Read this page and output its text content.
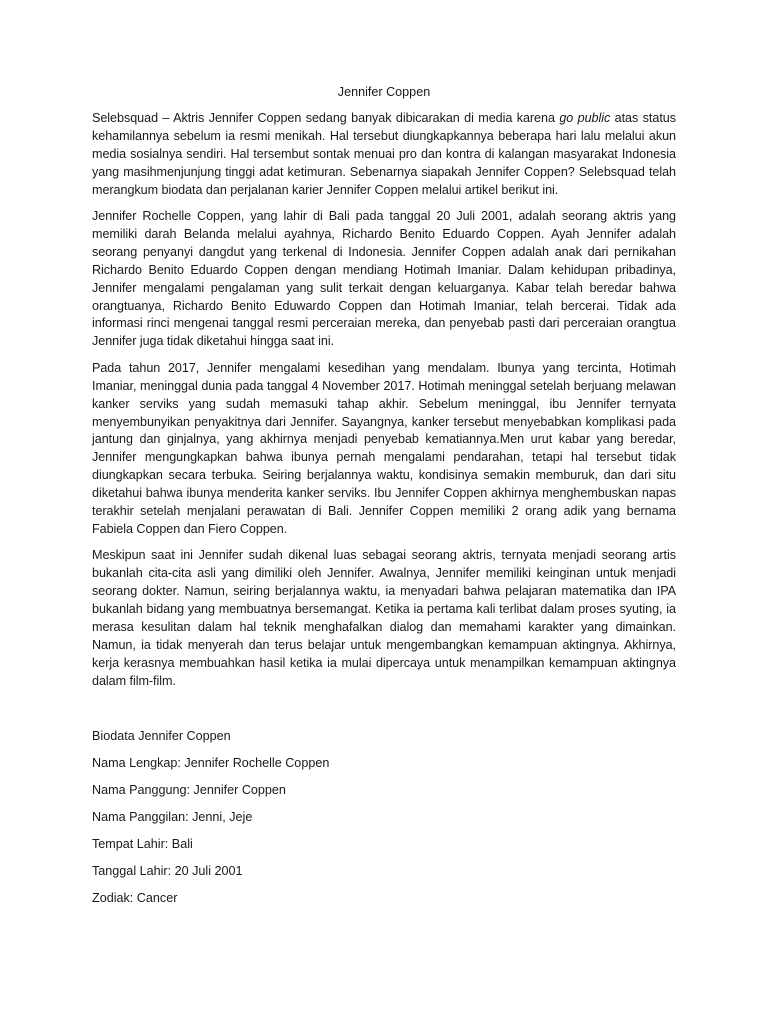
Jennifer Coppen

Selebsquad – Aktris Jennifer Coppen sedang banyak dibicarakan di media karena go public atas status kehamilannya sebelum ia resmi menikah. Hal tersebut diungkapkannya beberapa hari lalu melalui akun media sosialnya sendiri. Hal tersembut sontak menuai pro dan kontra di kalangan masyarakat Indonesia yang masihmenjunjung tinggi adat ketimuran. Sebenarnya siapakah Jennifer Coppen? Selebsquad telah merangkum biodata dan perjalanan karier Jennifer Coppen melalui artikel berikut ini.

Jennifer Rochelle Coppen, yang lahir di Bali pada tanggal 20 Juli 2001, adalah seorang aktris yang memiliki darah Belanda melalui ayahnya, Richardo Benito Eduardo Coppen. Ayah Jennifer adalah seorang penyanyi dangdut yang terkenal di Indonesia. Jennifer Coppen adalah anak dari pernikahan Richardo Benito Eduardo Coppen dengan mendiang Hotimah Imaniar. Dalam kehidupan pribadinya, Jennifer mengalami pengalaman yang sulit terkait dengan keluarganya. Kabar telah beredar bahwa orangtuanya, Richardo Benito Eduwardo Coppen dan Hotimah Imaniar, telah bercerai. Tidak ada informasi rinci mengenai tanggal resmi perceraian mereka, dan penyebab pasti dari perceraian orangtua Jennifer juga tidak diketahui hingga saat ini.

Pada tahun 2017, Jennifer mengalami kesedihan yang mendalam. Ibunya yang tercinta, Hotimah Imaniar, meninggal dunia pada tanggal 4 November 2017. Hotimah meninggal setelah berjuang melawan kanker serviks yang sudah memasuki tahap akhir. Sebelum meninggal, ibu Jennifer ternyata menyembunyikan penyakitnya dari Jennifer. Sayangnya, kanker tersebut menyebabkan komplikasi pada jantung dan ginjalnya, yang akhirnya menjadi penyebab kematiannya.Men urut kabar yang beredar, Jennifer mengungkapkan bahwa ibunya pernah mengalami pendarahan, tetapi hal tersebut tidak diungkapkan secara terbuka. Seiring berjalannya waktu, kondisinya semakin memburuk, dan dari situ diketahui bahwa ibunya menderita kanker serviks. Ibu Jennifer Coppen akhirnya menghembuskan napas terakhir setelah menjalani perawatan di Bali. Jennifer Coppen memiliki 2 orang adik yang bernama Fabiela Coppen dan Fiero Coppen.

Meskipun saat ini Jennifer sudah dikenal luas sebagai seorang aktris, ternyata menjadi seorang artis bukanlah cita-cita asli yang dimiliki oleh Jennifer. Awalnya, Jennifer memiliki keinginan untuk menjadi seorang dokter. Namun, seiring berjalannya waktu, ia menyadari bahwa pelajaran matematika dan IPA bukanlah bidang yang membuatnya bersemangat. Ketika ia pertama kali terlibat dalam proses syuting, ia merasa kesulitan dalam hal teknik menghafalkan dialog dan memahami karakter yang dimainkan. Namun, ia tidak menyerah dan terus belajar untuk mengembangkan kemampuan aktingnya. Akhirnya, kerja kerasnya membuahkan hasil ketika ia mulai dipercaya untuk menampilkan kemampuan aktingnya dalam film-film.

Biodata Jennifer Coppen
Nama Lengkap: Jennifer Rochelle Coppen
Nama Panggung: Jennifer Coppen
Nama Panggilan: Jenni, Jeje
Tempat Lahir: Bali
Tanggal Lahir: 20 Juli 2001
Zodiak: Cancer
